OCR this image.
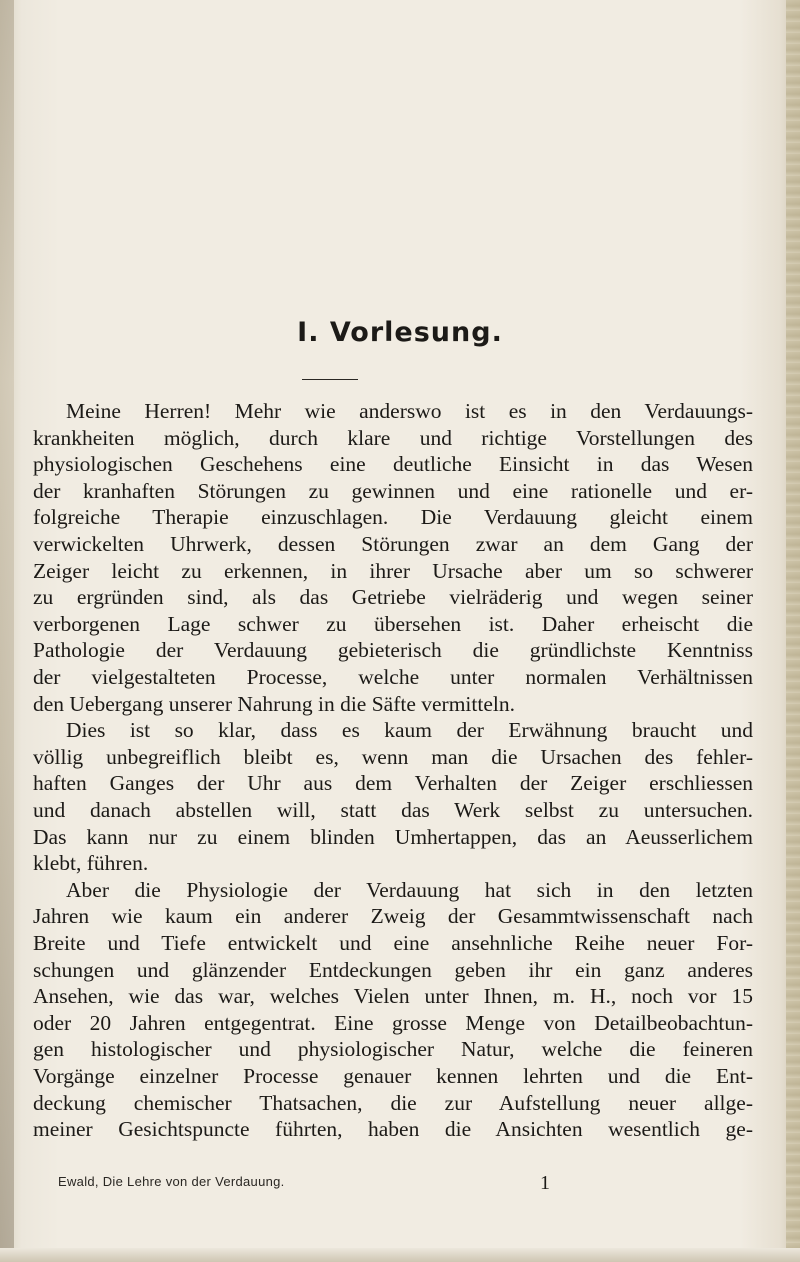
I. Vorlesung.
Meine Herren! Mehr wie anderswo ist es in den Verdauungs-
krankheiten möglich, durch klare und richtige Vorstellungen des
physiologischen Geschehens eine deutliche Einsicht in das Wesen
der kranhaften Störungen zu gewinnen und eine rationelle und er-
folgreiche Therapie einzuschlagen. Die Verdauung gleicht einem
verwickelten Uhrwerk, dessen Störungen zwar an dem Gang der
Zeiger leicht zu erkennen, in ihrer Ursache aber um so schwerer
zu ergründen sind, als das Getriebe vielräderig und wegen seiner
verborgenen Lage schwer zu übersehen ist. Daher erheischt die
Pathologie der Verdauung gebieterisch die gründlichste Kenntniss
der vielgestalteten Processe, welche unter normalen Verhältnissen
den Uebergang unserer Nahrung in die Säfte vermitteln.
Dies ist so klar, dass es kaum der Erwähnung braucht und
völlig unbegreiflich bleibt es, wenn man die Ursachen des fehler-
haften Ganges der Uhr aus dem Verhalten der Zeiger erschliessen
und danach abstellen will, statt das Werk selbst zu untersuchen.
Das kann nur zu einem blinden Umhertappen, das an Aeusserlichem
klebt, führen.
Aber die Physiologie der Verdauung hat sich in den letzten
Jahren wie kaum ein anderer Zweig der Gesammtwissenschaft nach
Breite und Tiefe entwickelt und eine ansehnliche Reihe neuer For-
schungen und glänzender Entdeckungen geben ihr ein ganz anderes
Ansehen, wie das war, welches Vielen unter Ihnen, m. H., noch vor 15
oder 20 Jahren entgegentrat. Eine grosse Menge von Detailbeobachtun-
gen histologischer und physiologischer Natur, welche die feineren
Vorgänge einzelner Processe genauer kennen lehrten und die Ent-
deckung chemischer Thatsachen, die zur Aufstellung neuer allge-
meiner Gesichtspuncte führten, haben die Ansichten wesentlich ge-
Ewald, Die Lehre von der Verdauung.	1
